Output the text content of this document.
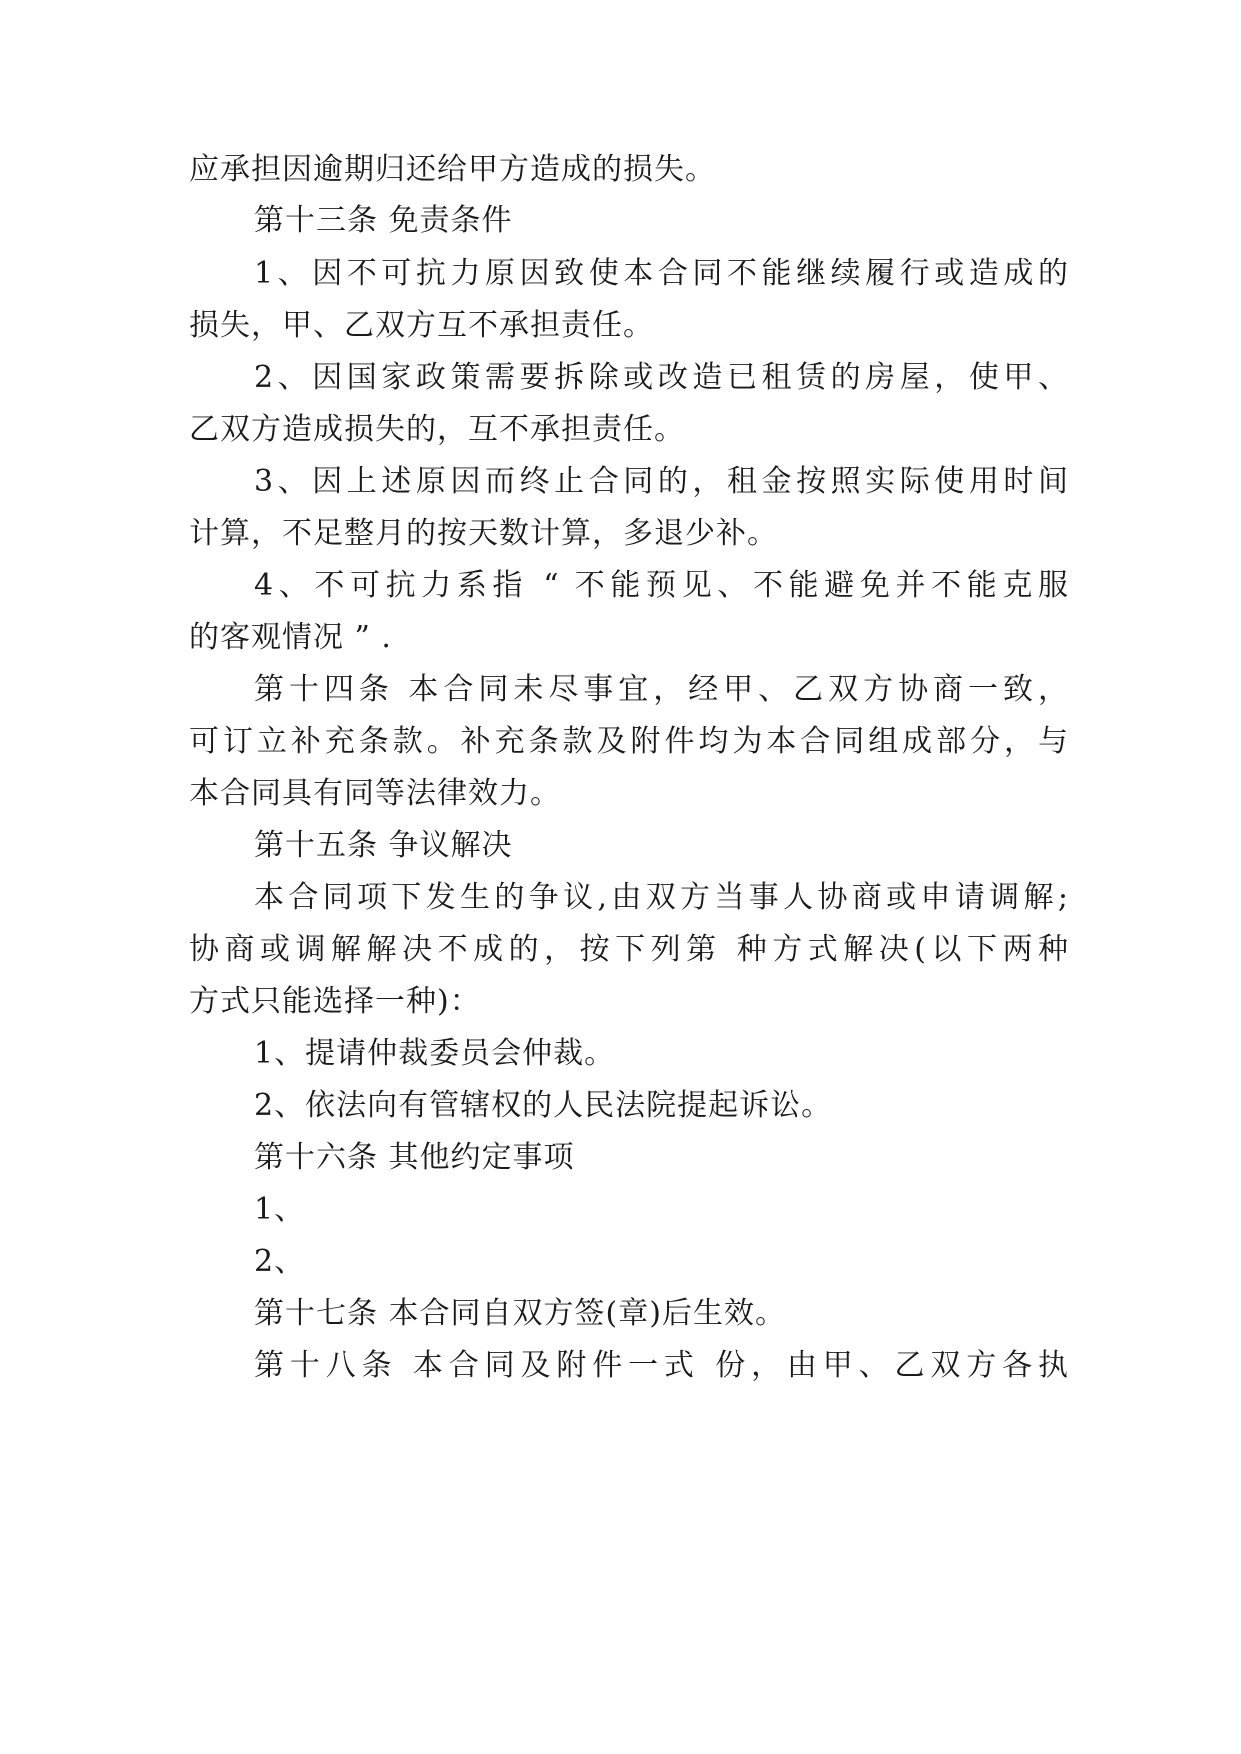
应承担因逾期归还给甲方造成的损失。
第十三条 免责条件
1、因不可抗力原因致使本合同不能继续履行或造成的
损失，甲、乙双方互不承担责任。
2、因国家政策需要拆除或改造已租赁的房屋，使甲、
乙双方造成损失的，互不承担责任。
3、因上述原因而终止合同的，租金按照实际使用时间
计算，不足整月的按天数计算，多退少补。
4、不可抗力系指 “ 不能预见、不能避免并不能克服
的客观情况 ” .
第十四条 本合同未尽事宜，经甲、乙双方协商一致，
可订立补充条款。补充条款及附件均为本合同组成部分，与
本合同具有同等法律效力。
第十五条 争议解决
本合同项下发生的争议,由双方当事人协商或申请调解;
协商或调解解决不成的，按下列第 种方式解决(以下两种
方式只能选择一种)：
1、提请仲裁委员会仲裁。
2、依法向有管辖权的人民法院提起诉讼。
第十六条 其他约定事项
1、
2、
第十七条 本合同自双方签(章)后生效。
第十八条 本合同及附件一式 份，由甲、乙双方各执
